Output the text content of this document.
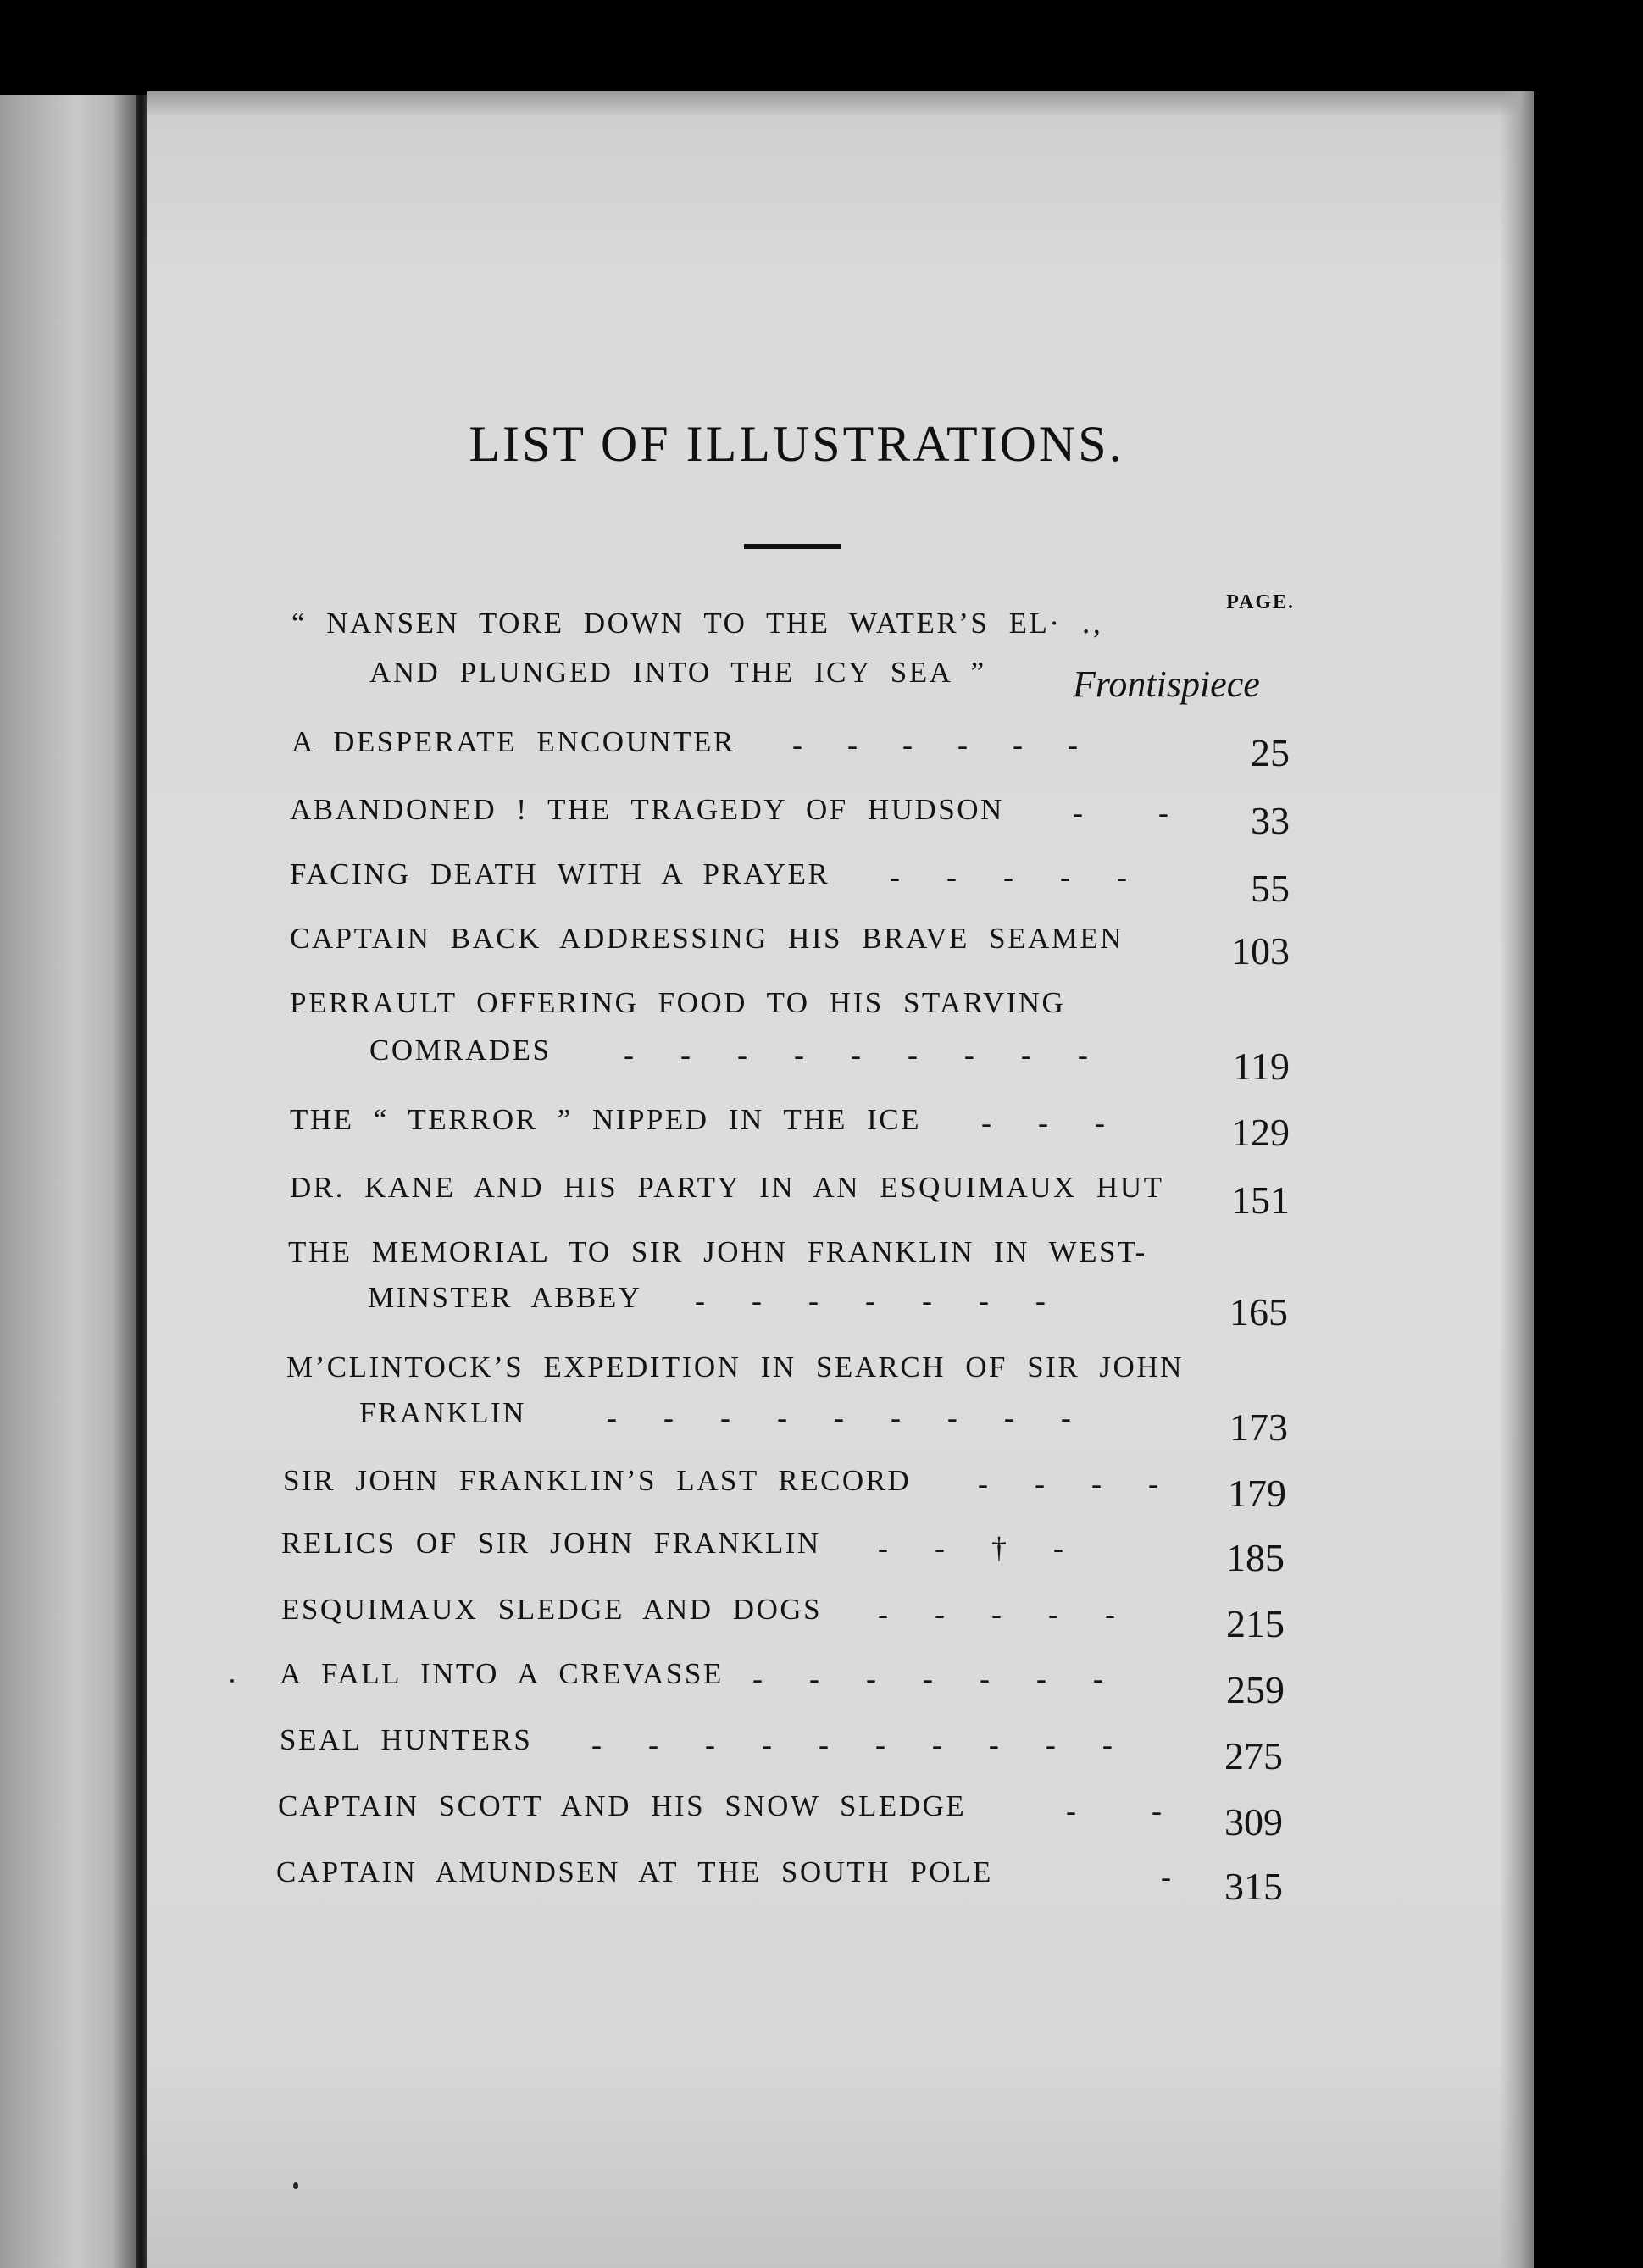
LIST OF ILLUSTRATIONS.
PAGE.
“ NANSEN TORE DOWN TO THE WATER’S EL· ․,
AND PLUNGED INTO THE ICY SEA ” Frontispiece
A DESPERATE ENCOUNTER - - - - - -	25
ABANDONED ! THE TRAGEDY OF HUDSON - -	33
FACING DEATH WITH A PRAYER - - - - -	55
CAPTAIN BACK ADDRESSING HIS BRAVE SEAMEN	103
PERRAULT OFFERING FOOD TO HIS STARVING
COMRADES - - - - - - - - -	119
THE “ TERROR ” NIPPED IN THE ICE - - -	129
DR. KANE AND HIS PARTY IN AN ESQUIMAUX HUT	151
THE MEMORIAL TO SIR JOHN FRANKLIN IN WEST-
MINSTER ABBEY - - - - - - -	165
M’CLINTOCK’S EXPEDITION IN SEARCH OF SIR JOHN
FRANKLIN	- - - - - - - - -	173
SIR JOHN FRANKLIN’S LAST RECORD - - - -	179
RELICS OF SIR JOHN FRANKLIN - - † -	185
ESQUIMAUX SLEDGE AND DOGS - - - - -	215
A FALL INTO A CREVASSE - - - - - - -	259
SEAL HUNTERS - - - - - - - - - -	275
CAPTAIN SCOTT AND HIS SNOW SLEDGE	- -	309
CAPTAIN AMUNDSEN AT THE SOUTH POLE	-	315
